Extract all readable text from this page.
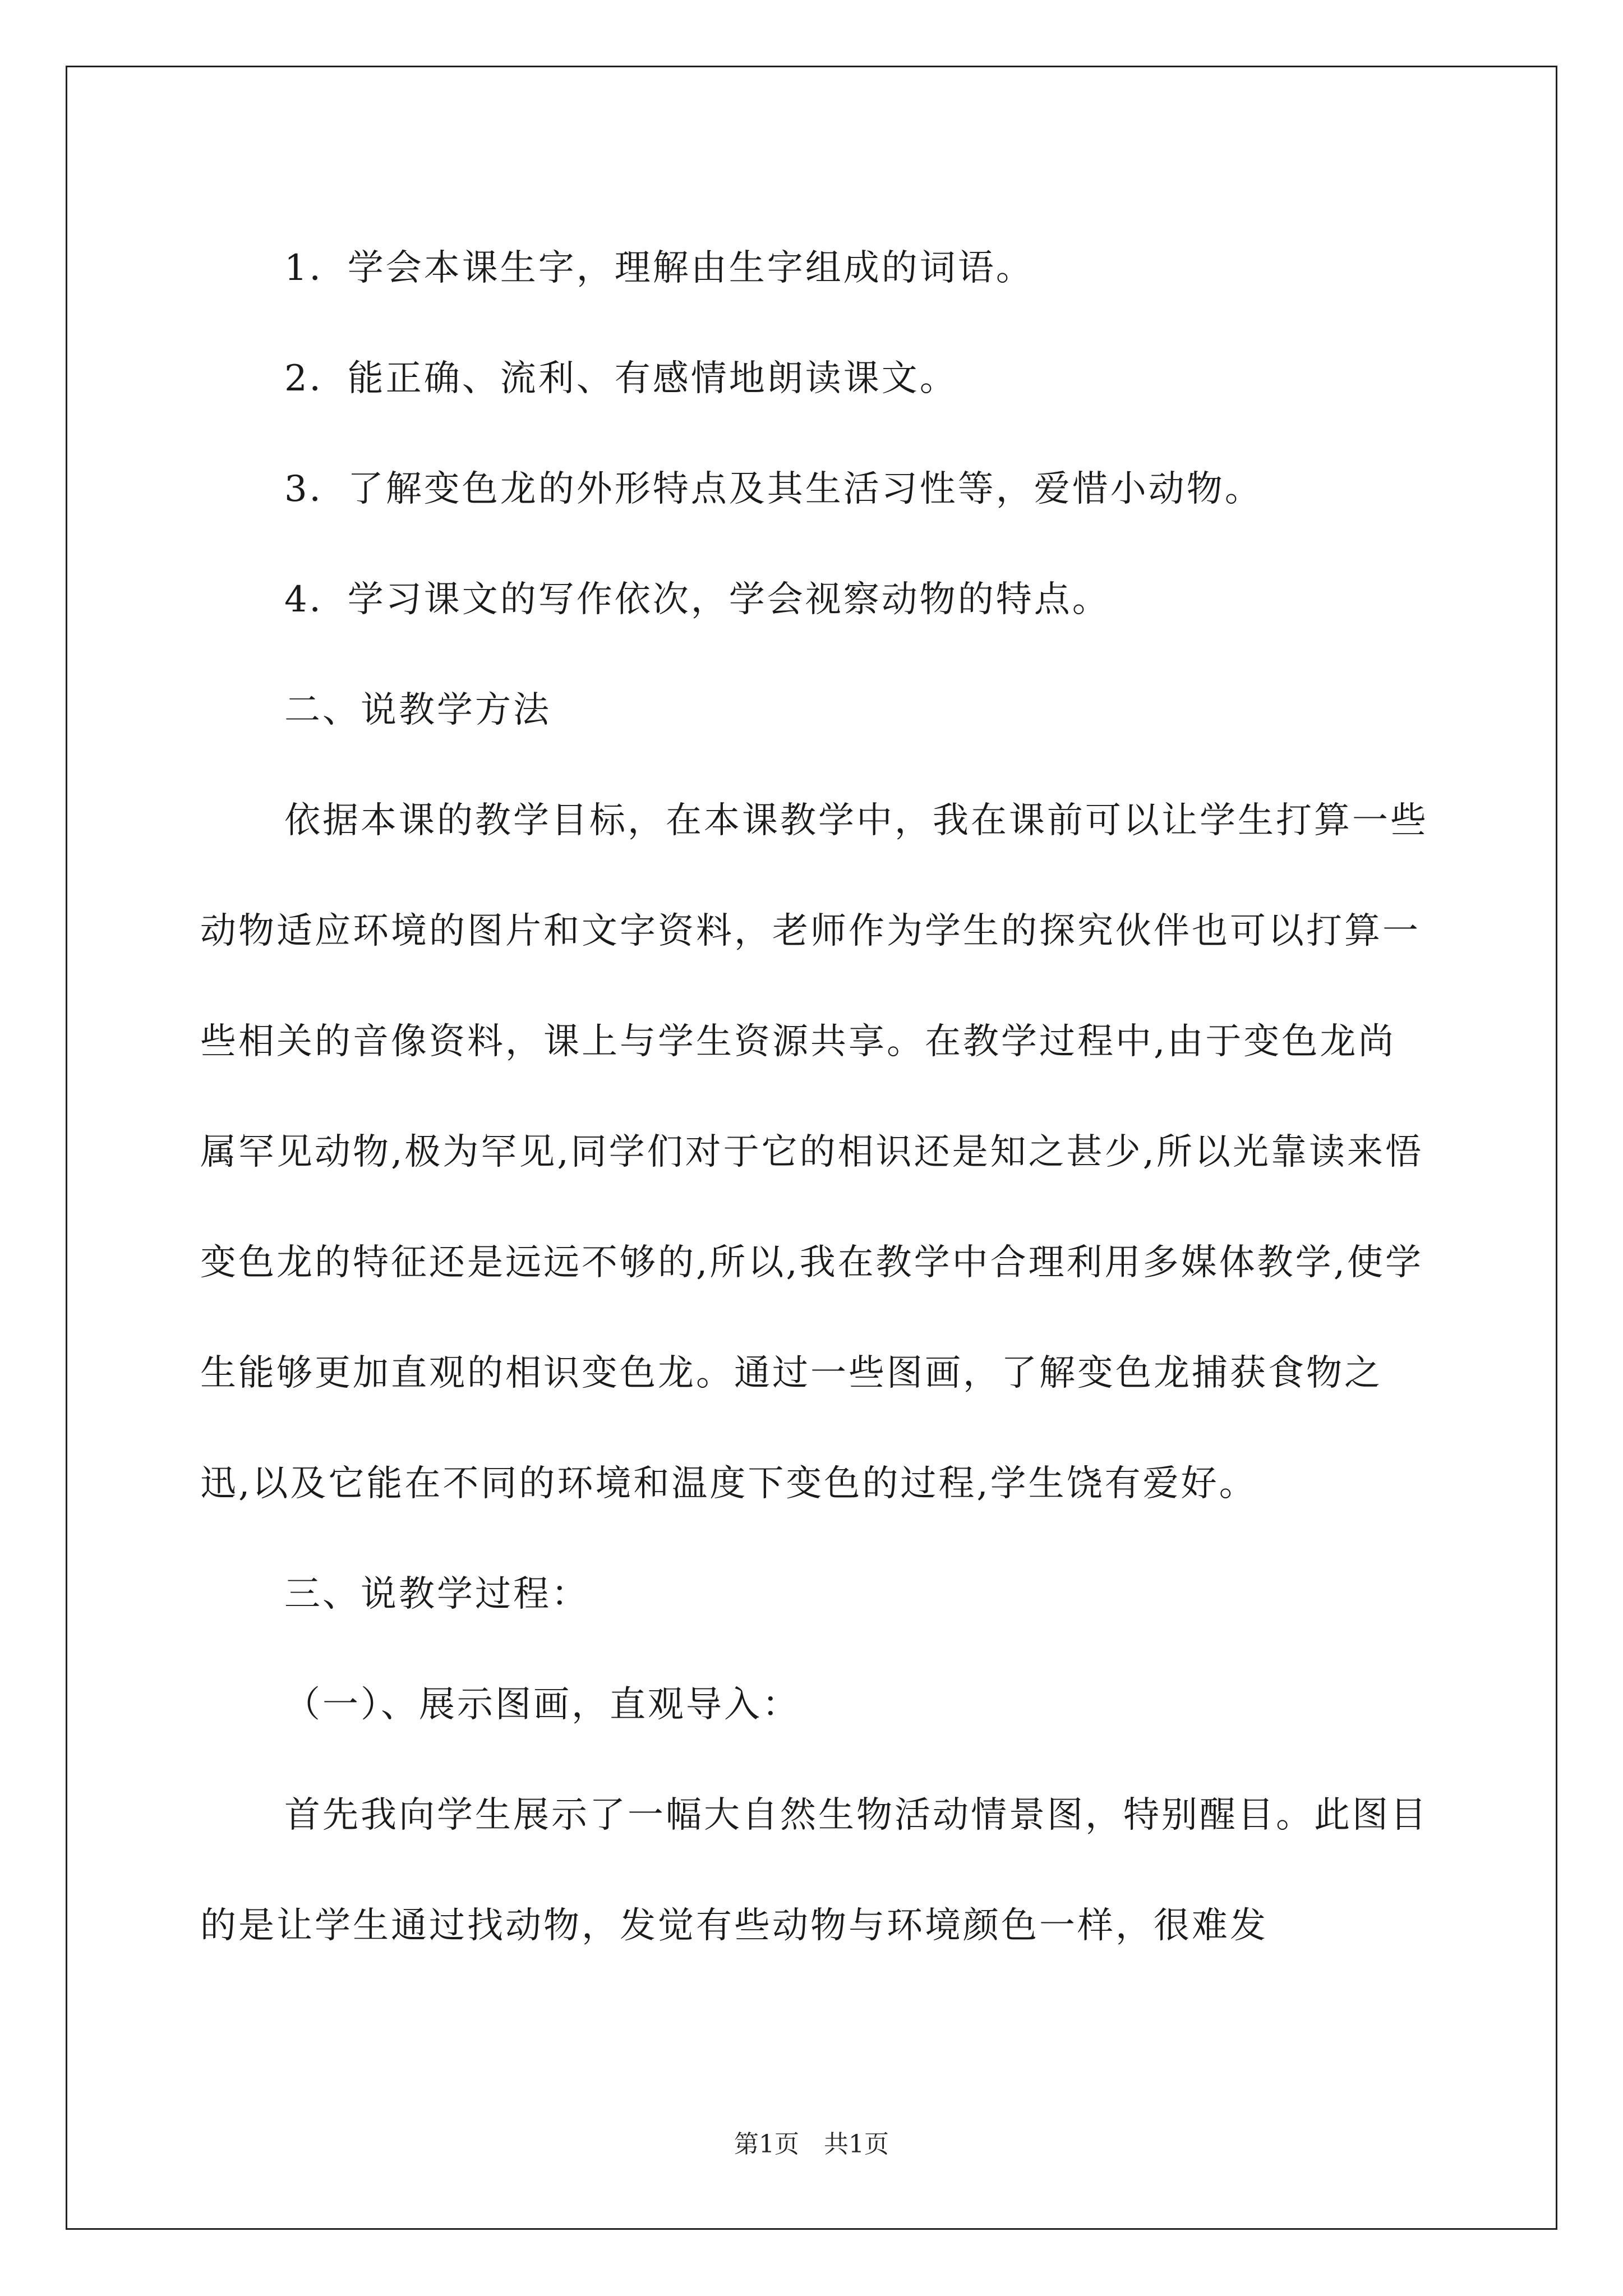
1．学会本课生字，理解由生字组成的词语。

2．能正确、流利、有感情地朗读课文。

3．了解变色龙的外形特点及其生活习性等，爱惜小动物。

4．学习课文的写作依次，学会视察动物的特点。

二、说教学方法

依据本课的教学目标，在本课教学中，我在课前可以让学生打算一些动物适应环境的图片和文字资料，老师作为学生的探究伙伴也可以打算一些相关的音像资料，课上与学生资源共享。在教学过程中,由于变色龙尚属罕见动物,极为罕见,同学们对于它的相识还是知之甚少,所以光靠读来悟变色龙的特征还是远远不够的,所以,我在教学中合理利用多媒体教学,使学生能够更加直观的相识变色龙。通过一些图画，了解变色龙捕获食物之迅,以及它能在不同的环境和温度下变色的过程,学生饶有爱好。

三、说教学过程：

（一）、展示图画，直观导入：

首先我向学生展示了一幅大自然生物活动情景图，特别醒目。此图目的是让学生通过找动物，发觉有些动物与环境颜色一样，很难发

第1页　共1页
